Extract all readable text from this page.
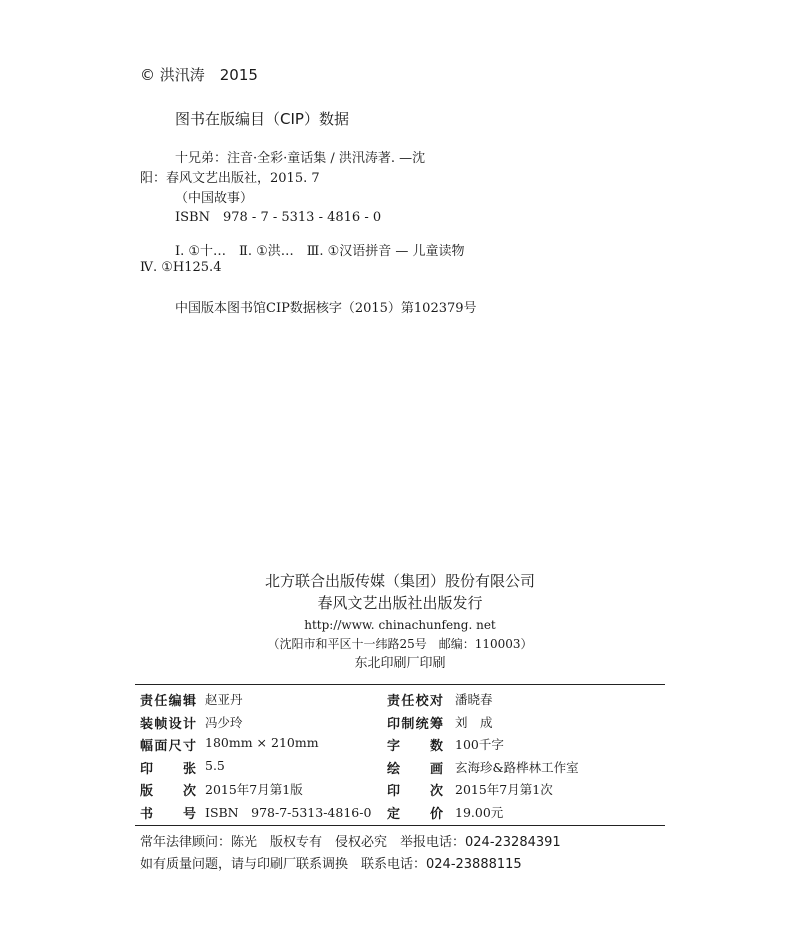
© 洪汛涛　2015
图书在版编目（CIP）数据
十兄弟：注音·全彩·童话集 / 洪汛涛著. —沈
阳：春风文艺出版社，2015. 7
（中国故事）
ISBN　978 - 7 - 5313 - 4816 - 0
Ⅰ. ①十…　Ⅱ. ①洪…　Ⅲ. ①汉语拼音 — 儿童读物
Ⅳ. ①H125.4
中国版本图书馆CIP数据核字（2015）第102379号
北方联合出版传媒（集团）股份有限公司
春风文艺出版社出版发行
http://www. chinachunfeng. net
（沈阳市和平区十一纬路25号　邮编：110003）
东北印刷厂印刷
责任编辑 赵亚丹	责任校对 潘晓春
装帧设计 冯少玲	印制统筹 刘　成
幅面尺寸 180mm × 210mm	字数 100千字
印张 5.5	绘画 玄海珍&路桦林工作室
版次 2015年7月第1版	印次 2015年7月第1次
书号 ISBN　978-7-5313-4816-0 定价 19.00元
常年法律顾问：陈光　版权专有　侵权必究　举报电话：024-23284391
如有质量问题，请与印刷厂联系调换　联系电话：024-23888115
